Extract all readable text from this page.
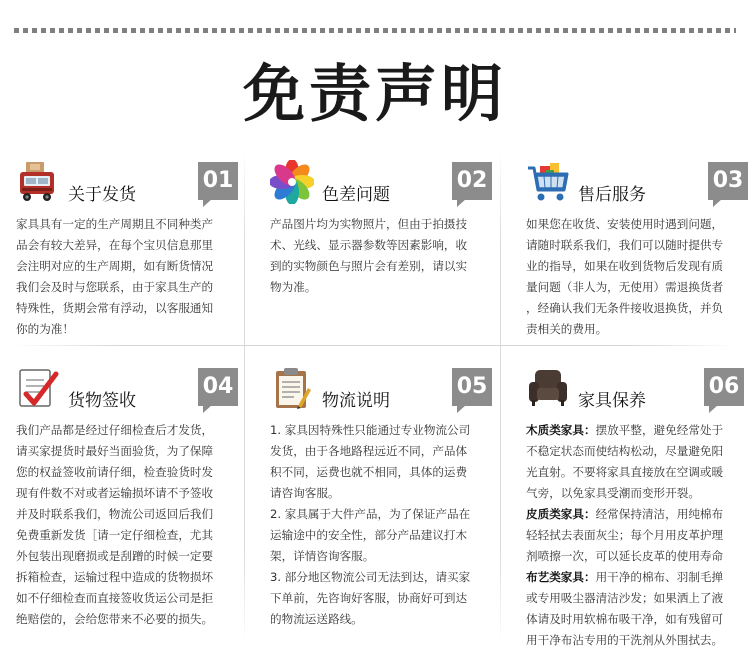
免责声明
关于发货
01

家具具有一定的生产周期且不同种类产

品会有较大差异，在每个宝贝信息那里

会注明对应的生产周期，如有断货情况

我们会及时与您联系，由于家具生产的

特殊性，货期会常有浮动，以客服通知

你的为准！

色差问题
02

产品图片均为实物照片，但由于拍摄技

术、光线、显示器参数等因素影响，收

到的实物颜色与照片会有差别，请以实

物为准。

售后服务
03

如果您在收货、安装使用时遇到问题，

请随时联系我们，我们可以随时提供专

业的指导，如果在收到货物后发现有质

量问题（非人为，无使用）需退换货者

，经确认我们无条件接收退换货，并负

责相关的费用。

货物签收
04

我们产品都是经过仔细检查后才发货，

请买家提货时最好当面验货，为了保障

您的权益签收前请仔细，检查验货时发

现有件数不对或者运输损坏请不予签收

并及时联系我们，物流公司返回后我们

免费重新发货［请一定仔细检查，尤其

外包装出现磨损或是刮蹭的时候一定要

拆箱检查，运输过程中造成的货物损坏

如不仔细检查而直接签收货运公司是拒

绝赔偿的，会给您带来不必要的损失。

物流说明
05

1. 家具因特殊性只能通过专业物流公司

发货，由于各地路程远近不同，产品体

积不同，运费也就不相同，具体的运费

请咨询客服。

2. 家具属于大件产品，为了保证产品在

运输途中的安全性，部分产品建议打木

架，详情咨询客服。

3. 部分地区物流公司无法到达，请买家

下单前，先咨询好客服，协商好可到达

的物流运送路线。

家具保养
06

木质类家具：摆放平整，避免经常处于

不稳定状态而使结构松动，尽量避免阳

光直射。不要将家具直接放在空调或暖

气旁，以免家具受潮而变形开裂。

皮质类家具：经常保持清洁，用纯棉布

轻轻拭去表面灰尘；每个月用皮革护理

剂喷擦一次，可以延长皮革的使用寿命

布艺类家具：用干净的棉布、羽制毛掸

或专用吸尘器清洁沙发；如果洒上了液

体请及时用软棉布吸干净，如有残留可

用干净布沾专用的干洗剂从外围拭去。
